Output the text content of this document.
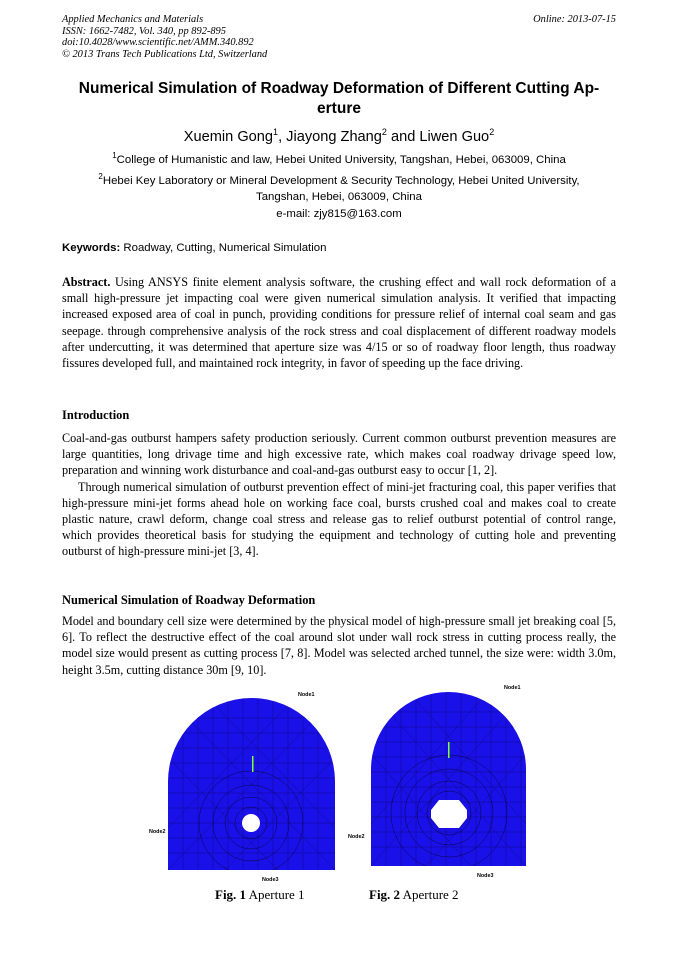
Applied Mechanics and Materials
ISSN: 1662-7482, Vol. 340, pp 892-895
doi:10.4028/www.scientific.net/AMM.340.892
© 2013 Trans Tech Publications Ltd, Switzerland
Online: 2013-07-15
Numerical Simulation of Roadway Deformation of Different Cutting Ap-
erture
Xuemin Gong$^1$, Jiayong Zhang$^2$ and Liwen Guo$^2$
$^1$College of Humanistic and law, Hebei United University, Tangshan, Hebei, 063009, China
$^2$Hebei Key Laboratory or Mineral Development & Security Technology, Hebei United University,
Tangshan, Hebei, 063009, China
e-mail: zjy815@163.com
Keywords: Roadway, Cutting, Numerical Simulation
Abstract. Using ANSYS finite element analysis software, the crushing effect and wall rock deformation of a small high-pressure jet impacting coal were given numerical simulation analysis. It verified that impacting increased exposed area of coal in punch, providing conditions for pressure relief of internal coal seam and gas seepage. through comprehensive analysis of the rock stress and coal displacement of different roadway models after undercutting, it was determined that aperture size was 4/15 or so of roadway floor length, thus roadway fissures developed full, and maintained rock integrity, in favor of speeding up the face driving.
Introduction
Coal-and-gas outburst hampers safety production seriously. Current common outburst prevention measures are large quantities, long drivage time and high excessive rate, which makes coal roadway drivage speed low, preparation and winning work disturbance and coal-and-gas outburst easy to occur [1, 2].
Through numerical simulation of outburst prevention effect of mini-jet fracturing coal, this paper verifies that high-pressure mini-jet forms ahead hole on working face coal, bursts crushed coal and makes coal to create plastic nature, crawl deform, change coal stress and release gas to relief outburst potential of control range, which provides theoretical basis for studying the equipment and technology of cutting hole and preventing outburst of high-pressure mini-jet [3, 4].
Numerical Simulation of Roadway Deformation
Model and boundary cell size were determined by the physical model of high-pressure small jet breaking coal [5, 6]. To reflect the destructive effect of the coal around slot under wall rock stress in cutting process really, the model size would present as cutting process [7, 8]. Model was selected arched tunnel, the size were: width 3.0m, height 3.5m, cutting distance 30m [9, 10].
Node1
Node2
Node3
Node1
Node2
Node3
Fig. 1 Aperture 1	Fig. 2 Aperture 2
